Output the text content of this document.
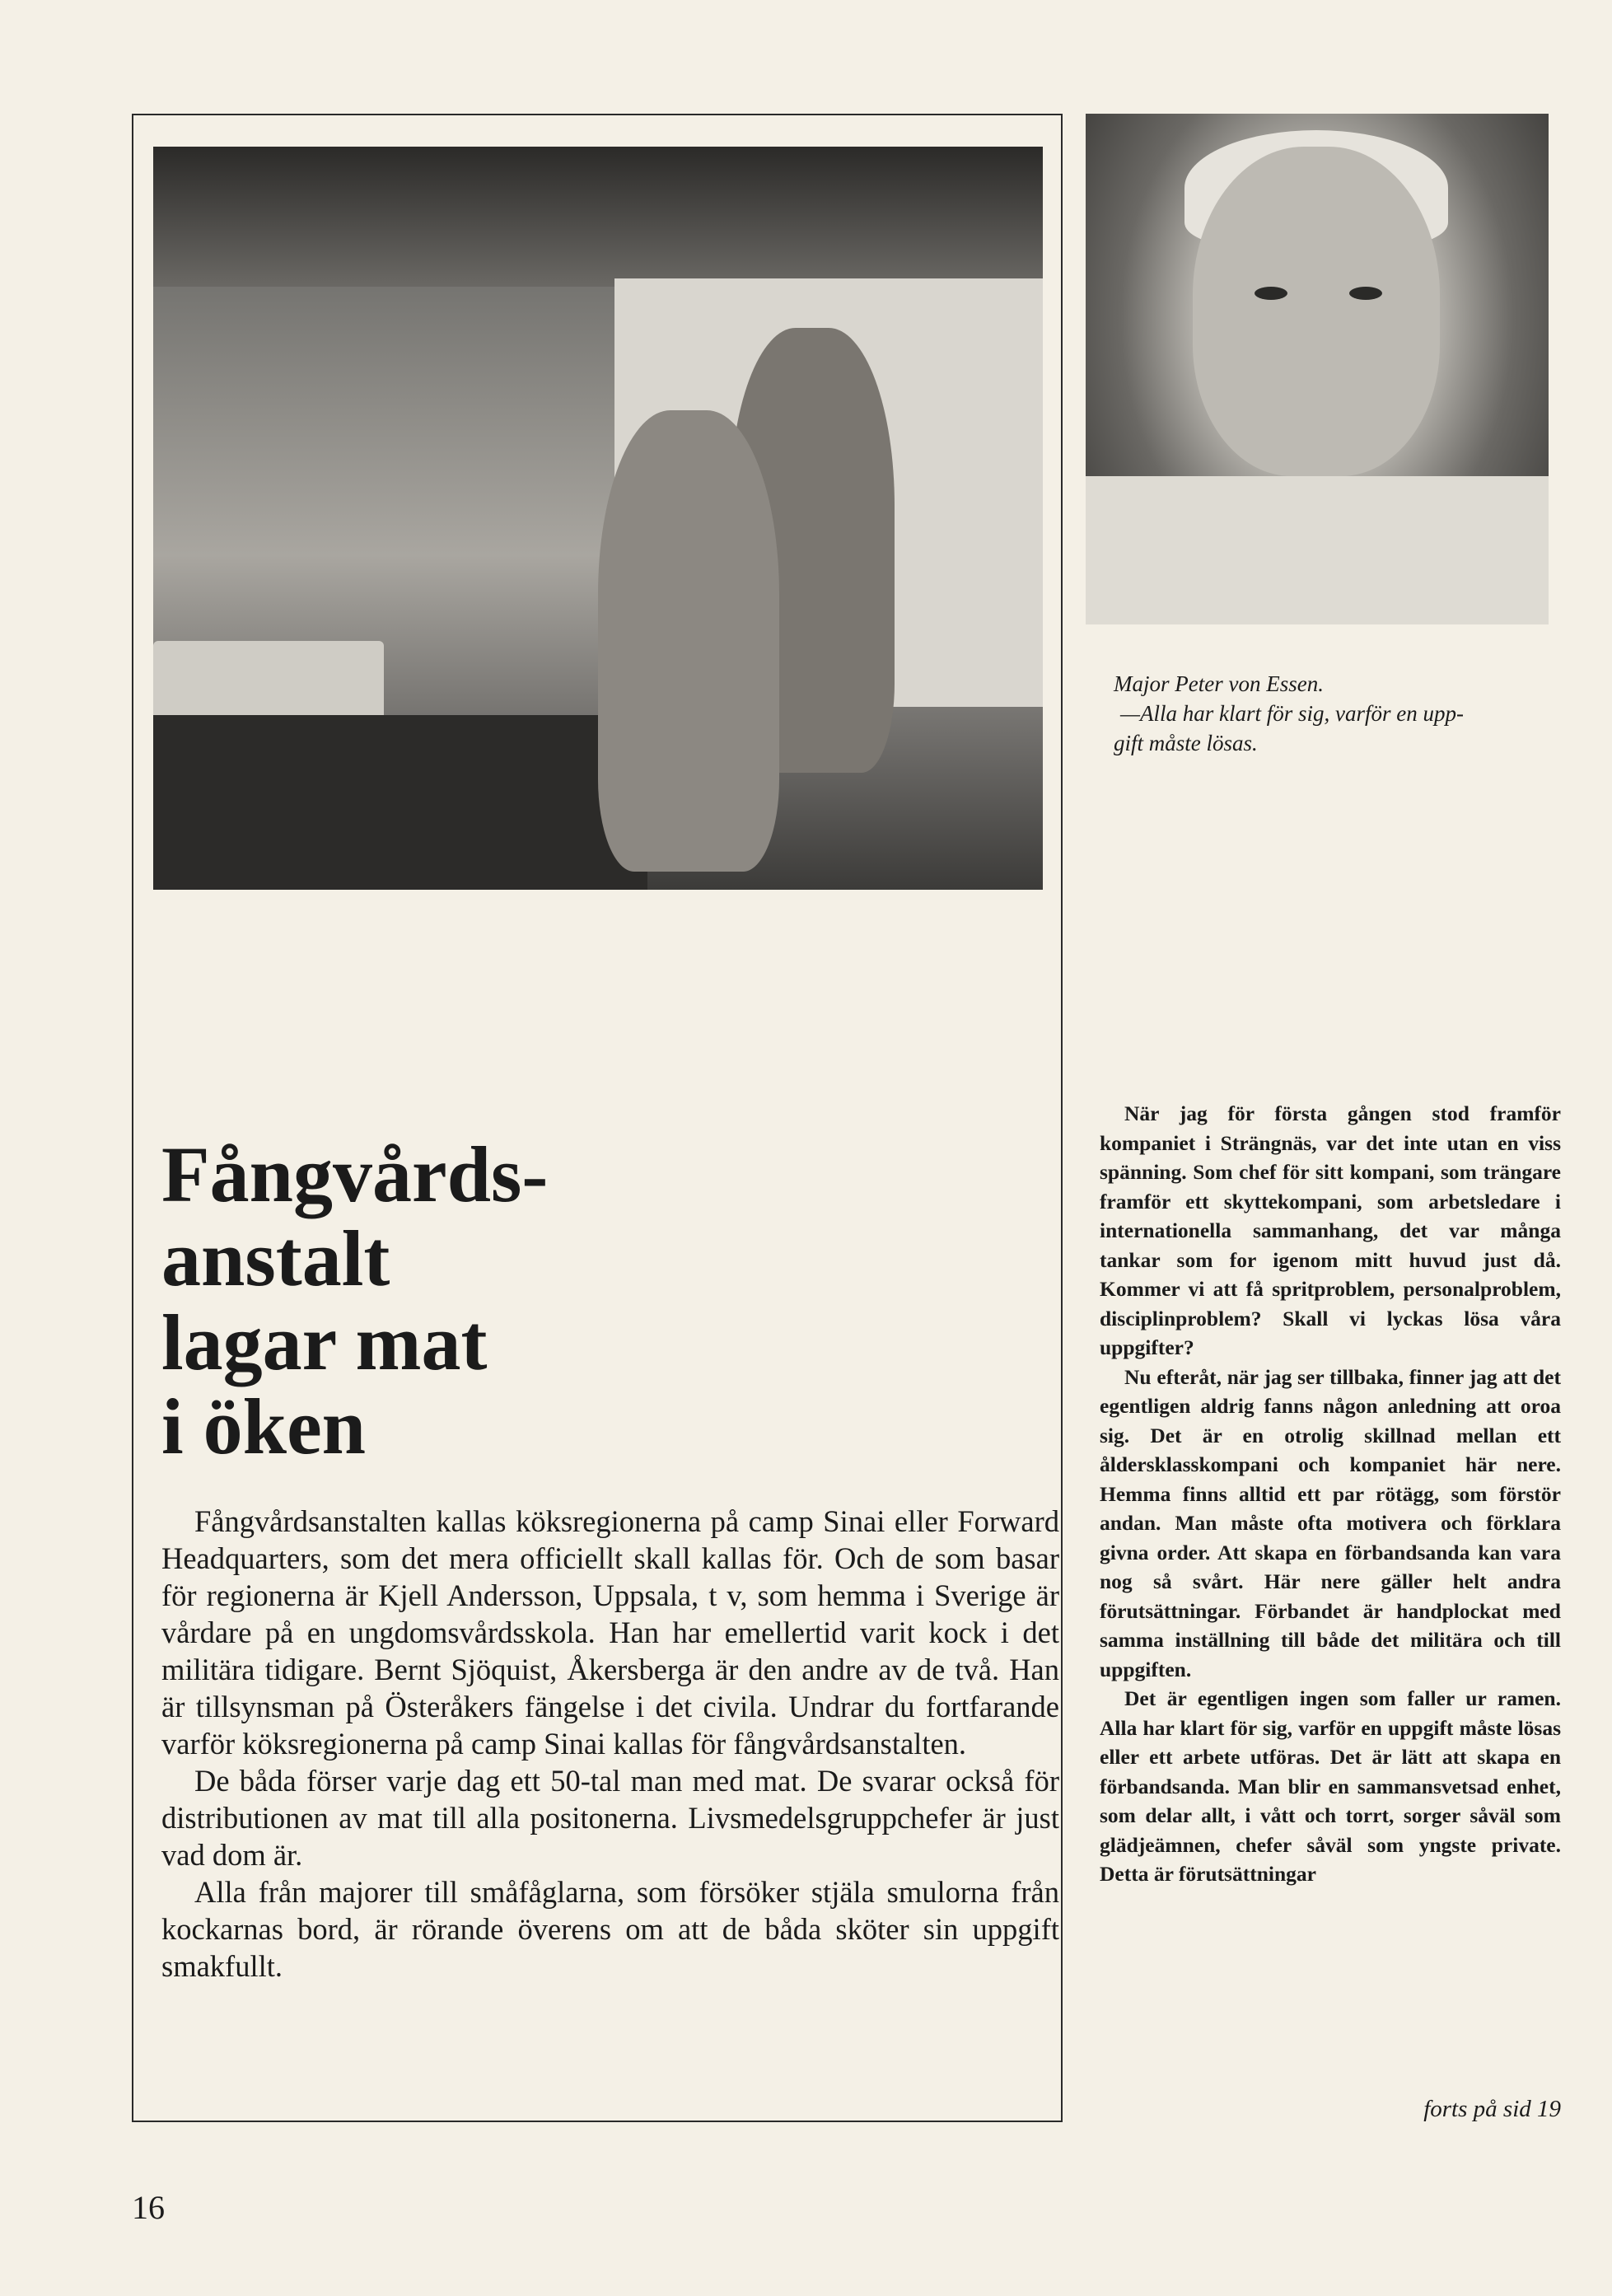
Major Peter von Essen.

—Alla har klart för sig, varför en upp-

gift måste lösas.

Fångvårds-
anstalt
lagar mat
i öken

Fångvårdsanstalten kallas köksregionerna på camp Sinai eller Forward Headquarters, som det mera officiellt skall kallas för. Och de som basar för regionerna är Kjell Andersson, Uppsala, t v, som hemma i Sverige är vårdare på en ungdomsvårdsskola. Han har emellertid varit kock i det militära tidigare. Bernt Sjöquist, Åkersberga är den andre av de två. Han är tillsynsman på Österåkers fängelse i det civila. Undrar du fortfarande varför köksregionerna på camp Sinai kallas för fångvårdsanstalten.

De båda förser varje dag ett 50-tal man med mat. De svarar också för distributionen av mat till alla positonerna. Livsmedelsgruppchefer är just vad dom är.

Alla från majorer till småfåglarna, som försöker stjäla smulorna från kockarnas bord, är rörande överens om att de båda sköter sin uppgift smakfullt.

När jag för första gången stod framför kompaniet i Strängnäs, var det inte utan en viss spänning. Som chef för sitt kompani, som trängare framför ett skyttekompani, som arbetsledare i internationella sammanhang, det var många tankar som for igenom mitt huvud just då. Kommer vi att få spritproblem, personalproblem, disciplinproblem? Skall vi lyckas lösa våra uppgifter?

Nu efteråt, när jag ser tillbaka, finner jag att det egentligen aldrig fanns någon anledning att oroa sig. Det är en otrolig skillnad mellan ett åldersklasskompani och kompaniet här nere. Hemma finns alltid ett par rötägg, som förstör andan. Man måste ofta motivera och förklara givna order. Att skapa en förbandsanda kan vara nog så svårt. Här nere gäller helt andra förutsättningar. Förbandet är handplockat med samma inställning till både det militära och till uppgiften.

Det är egentligen ingen som faller ur ramen. Alla har klart för sig, varför en uppgift måste lösas eller ett arbete utföras. Det är lätt att skapa en förbandsanda. Man blir en sammansvetsad enhet, som delar allt, i vått och torrt, sorger såväl som glädjeämnen, chefer såväl som yngste private. Detta är förutsättningar

forts på sid 19
16
